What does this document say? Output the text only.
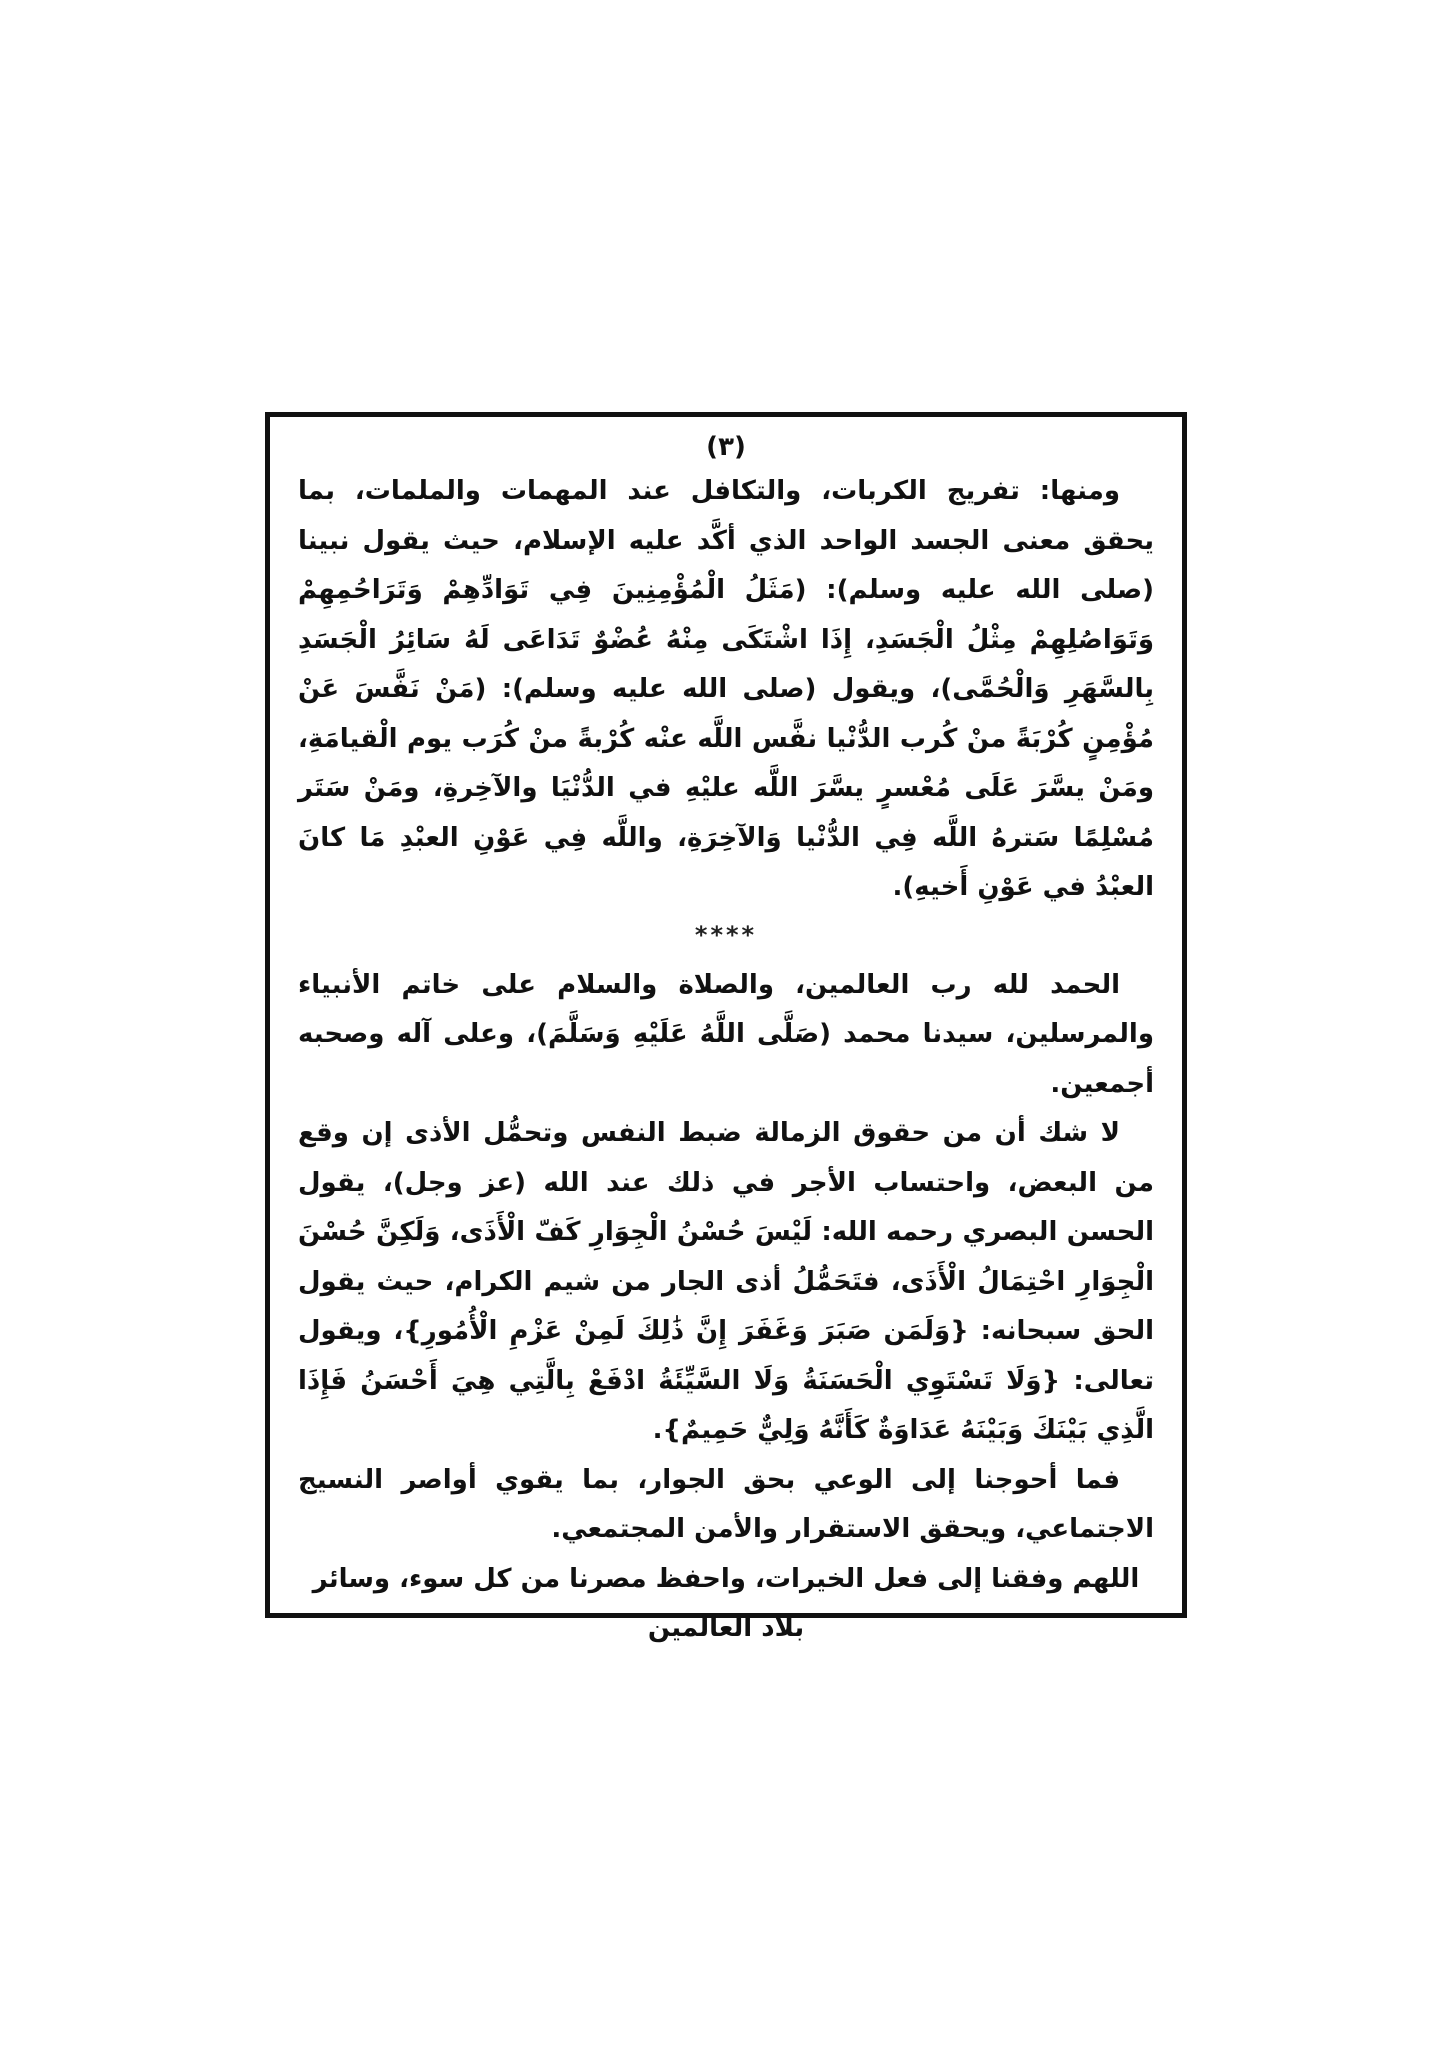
(٣)

ومنها: تفريج الكربات، والتكافل عند المهمات والملمات، بما يحقق معنى الجسد الواحد الذي أكَّد عليه الإسلام، حيث يقول نبينا (صلى الله عليه وسلم): (مَثَلُ الْمُؤْمِنِينَ فِي تَوَادِّهِمْ وَتَرَاحُمِهِمْ وَتَوَاصُلِهِمْ مِثْلُ الْجَسَدِ، إِذَا اشْتَكَى مِنْهُ عُضْوٌ تَدَاعَى لَهُ سَائِرُ الْجَسَدِ بِالسَّهَرِ وَالْحُمَّى)، ويقول (صلى الله عليه وسلم): (مَنْ نَفَّسَ عَنْ مُؤْمِنٍ كُرْبَةً منْ كُرب الدُّنْيا نفَّس اللَّه عنْه كُرْبةً منْ كُرَب يوم الْقيامَةِ، ومَنْ يسَّرَ عَلَى مُعْسرٍ يسَّرَ اللَّه عليْهِ في الدُّنْيَا والآخِرةِ، ومَنْ سَتَر مُسْلِمًا سَترهُ اللَّه فِي الدُّنْيا وَالآخِرَةِ، واللَّه فِي عَوْنِ العبْدِ مَا كانَ العبْدُ في عَوْنِ أَخيهِ).

****

الحمد لله رب العالمين، والصلاة والسلام على خاتم الأنبياء والمرسلين، سيدنا محمد (صَلَّى اللَّهُ عَلَيْهِ وَسَلَّمَ)، وعلى آله وصحبه أجمعين.

لا شك أن من حقوق الزمالة ضبط النفس وتحمُّل الأذى إن وقع من البعض، واحتساب الأجر في ذلك عند الله (عز وجل)، يقول الحسن البصري رحمه الله: لَيْسَ حُسْنُ الْجِوَارِ كَفّ الْأَذَى، وَلَكِنَّ حُسْنَ الْجِوَارِ احْتِمَالُ الْأَذَى، فتَحَمُّلُ أذى الجار من شيم الكرام، حيث يقول الحق سبحانه: {وَلَمَن صَبَرَ وَغَفَرَ إِنَّ ذَٰلِكَ لَمِنْ عَزْمِ الْأُمُورِ}، ويقول تعالى: {وَلَا تَسْتَوِي الْحَسَنَةُ وَلَا السَّيِّئَةُ ادْفَعْ بِالَّتِي هِيَ أَحْسَنُ فَإِذَا الَّذِي بَيْنَكَ وَبَيْنَهُ عَدَاوَةٌ كَأَنَّهُ وَلِيٌّ حَمِيمٌ}.

فما أحوجنا إلى الوعي بحق الجوار، بما يقوي أواصر النسيج الاجتماعي، ويحقق الاستقرار والأمن المجتمعي.

اللهم وفقنا إلى فعل الخيرات، واحفظ مصرنا من كل سوء، وسائر بلاد العالمين
